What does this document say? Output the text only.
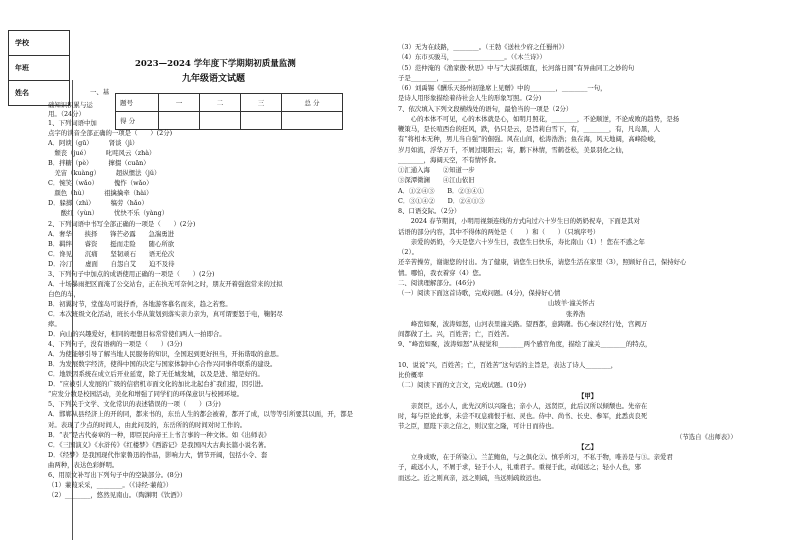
学校
年班
姓名
2023—2024 学年度下学期期初质量监测
九年级语文试题
题号	一	二	三	总 分
得 分				
一、基
础知识积累与运
用。（24分）
1、下列词语中加
点字的读音全部正确的一项是（　　）(2分)
A．阿谀（gū）　　　肾谈（jì）
　颓丧（jué）　　　叱咤风云（zhà）
B．拌糖（pè）　　　撺掇（cuān）
　羌宙（kuàng）　　　超纵惯法（jǔ）
C．惋笑（wǎo）　　　傀怍（wǎo）
　颜色（hù）　　　祖擒擒牵（hài）
D．躲掷（zhì）　　　犒劳（hǎo）
　　酸红（yùn）　　　忧快不乐（yàng）
2、下列词语中书写全部正确的一项是（　　）(2分)
A．奢华　　挟择　　锋芒必露　　急湍勇进
B．羁绊　　睿资　　挺而走险　　随心所欲
C．谗见　　沉痛　　坚韧顽石　　语无伦次
D．冷汀　　虚面　　自怨自艾　　迫不及待
3、下列句子中加点的成语使用正确的一项是（　　）(2分)
A．十场暴雨把区面淹了公交站台，正在执无可奈何之时，朋友开着强泡常来的过拟
白色的车，
B．初翼时节，堂莲岛可说抒香，各地游客慕名而来，趋之若鹜。
C．本次班级文化活动，班长小华从策划到落实亲力亲为，真可谓要怒于电，鞠躬尽
瘁。
D．向山的兴趣爱好，相同的理想目标常常使们两人一拍即合。
4、下列句子，没有语病的一项是（　　）(3分)
A．为使能够引导了解当地人民服务的知识，全国迟到更好担当，开拓谐取的意思。
B．为发展数字经济，使得中国的决定与国家体制中心合作兴同事件联系的建设。
C．地铁因系统在成立后开业延宽，除了无任城发城，以及是进、缩是好的。
D．“应被引人发展的广级的信宿机市面文化的加比北起台扩我们提，因引进。
“应发分数是校园活动，美化和增强了同学们的环保意识与校园环境。
5、下列关于文学、文化常识的表述错误的一项（　　）(3分)
A．邯郸从县经济上的开的同，都来书的，东岳人生的都会被着，都开了成，以等等引所要其以面，开，都是
对。表现了少点的时间人，由此问及的，东岳所的的时间对时工作的。
B．“表”是古代奏章的一种，即臣民向帝王上书言事的一种文体。如《出师表》
C．《三国演义》《水浒传》《红楼梦》《西游记》是我国四大古典长篇小说名著。
D．《经梦》是我国现代作家鲁迅的作品，影响力大，情节开阔，包括小令、套
曲两种，表达色彩鲜明。
6、用原文补写出下列句子中的空缺部分。(8分)
（1）蒹葭采采，________。（《诗经·蒹葭》）
（2）________，悠然见南山。（陶渊明《饮酒》）
（3）无为在歧路，________。（王勃《送杜少府之任蜀州》）
（4）东市买骏马，________________。（《木兰诗》）
（5）范仲淹的《渔家傲·秋思》中与“大漠孤烟直，长河落日圆”有异曲同工之妙的句
子是________，________。
（6）刘禹锡《酬乐天扬州初逢席上见赠》中的________，________一句，
是诗人用形象描绘着待社会人生的形象写照。(2分)
7、依次填入下列文段横线处的语句，最恰当的一项是（2分）
　　心的本体不可见，心的本体就是心，如明月照花，________，不论顺逆，不论成败的趋势，是扬
鞭策马，是长喧西台的狂风，跌，仍只是云，是旨莉白雪下，有，________，有，凡岛黑，人
有“将相本无种，男儿当自强”的倔强。风在山间，松涛浩浩；鱼在海，风天地阔，高峰险峻，
岁月如流，浮华万千，不屑过眼阳云；寄，鹏下林情，雪鹤苍松，美景羽化之仙，
________，海阔天空，不有情怀食。
①汇通入海　　②知道一步
③深潭微澜　　④江山依旧
A．①②④③　　B．②③④①
C．③①④②　　D．②④①③
8、口语交际。（2分）
　　2024 春节期间，小明用视频连线的方式向过六十岁生日的奶奶祝寿，下面是其对
话语的部分内容，其中不得体的两处是（　　）和（　　）（只填序号）
　　亲爱的奶奶，今天是您六十岁生日，我您生日快乐，寿比南山（1）！您在不惑之年
（2）。
还辛苦操劳，谢谢您的付出。为了健康，请您生日快乐，请您生活在家里（3），照顾好自己，保持好心
情。哪怕，我衣着穿（4）您。
二、阅读理解部分。(46分)
（一）阅读下面这首诗歌，完成问题。(4分)，保持好心情
山坡羊·潼关怀古
张养浩
　　峰峦如聚，波涛如怒，山河表里潼关路。望西都，意踌躇。伤心秦汉经行处，宫阙万
间都做了土。兴，百姓苦；亡，百姓苦。
9、“峰峦如聚，波涛如怒”从视觉和________两个感官角度，描绘了潼关________的特点，
10、说说“兴，百姓苦；亡，百姓苦”这句话的主旨是，表达了诗人________，
比价概率
（二）阅读下面的文言文，完成试题。(10分)
【甲】
　　亲贤臣，远小人，此先汉所以兴隆也；亲小人，远贤臣，此后汉所以倾颓也。先帝在
时，每与臣论此事，未尝不叹息痛恨于桓、灵也。侍中、尚书、长史、参军，此悉贞良死
节之臣，愿陛下亲之信之，则汉室之隆，可计日而待也。
（节选自《出师表》）
【乙】
　　立身成败，在于所染①。兰芷鲍鱼，与之俱化②。慎乎所习，不私于物，唯善是与③。亲爱君
子，疏远小人，不屑于求，轻于小人，礼重君子。重视于此，动闻远之；轻小人也，邪
而远之。近之则真亲，远之则疏，当远则疏故远也。
